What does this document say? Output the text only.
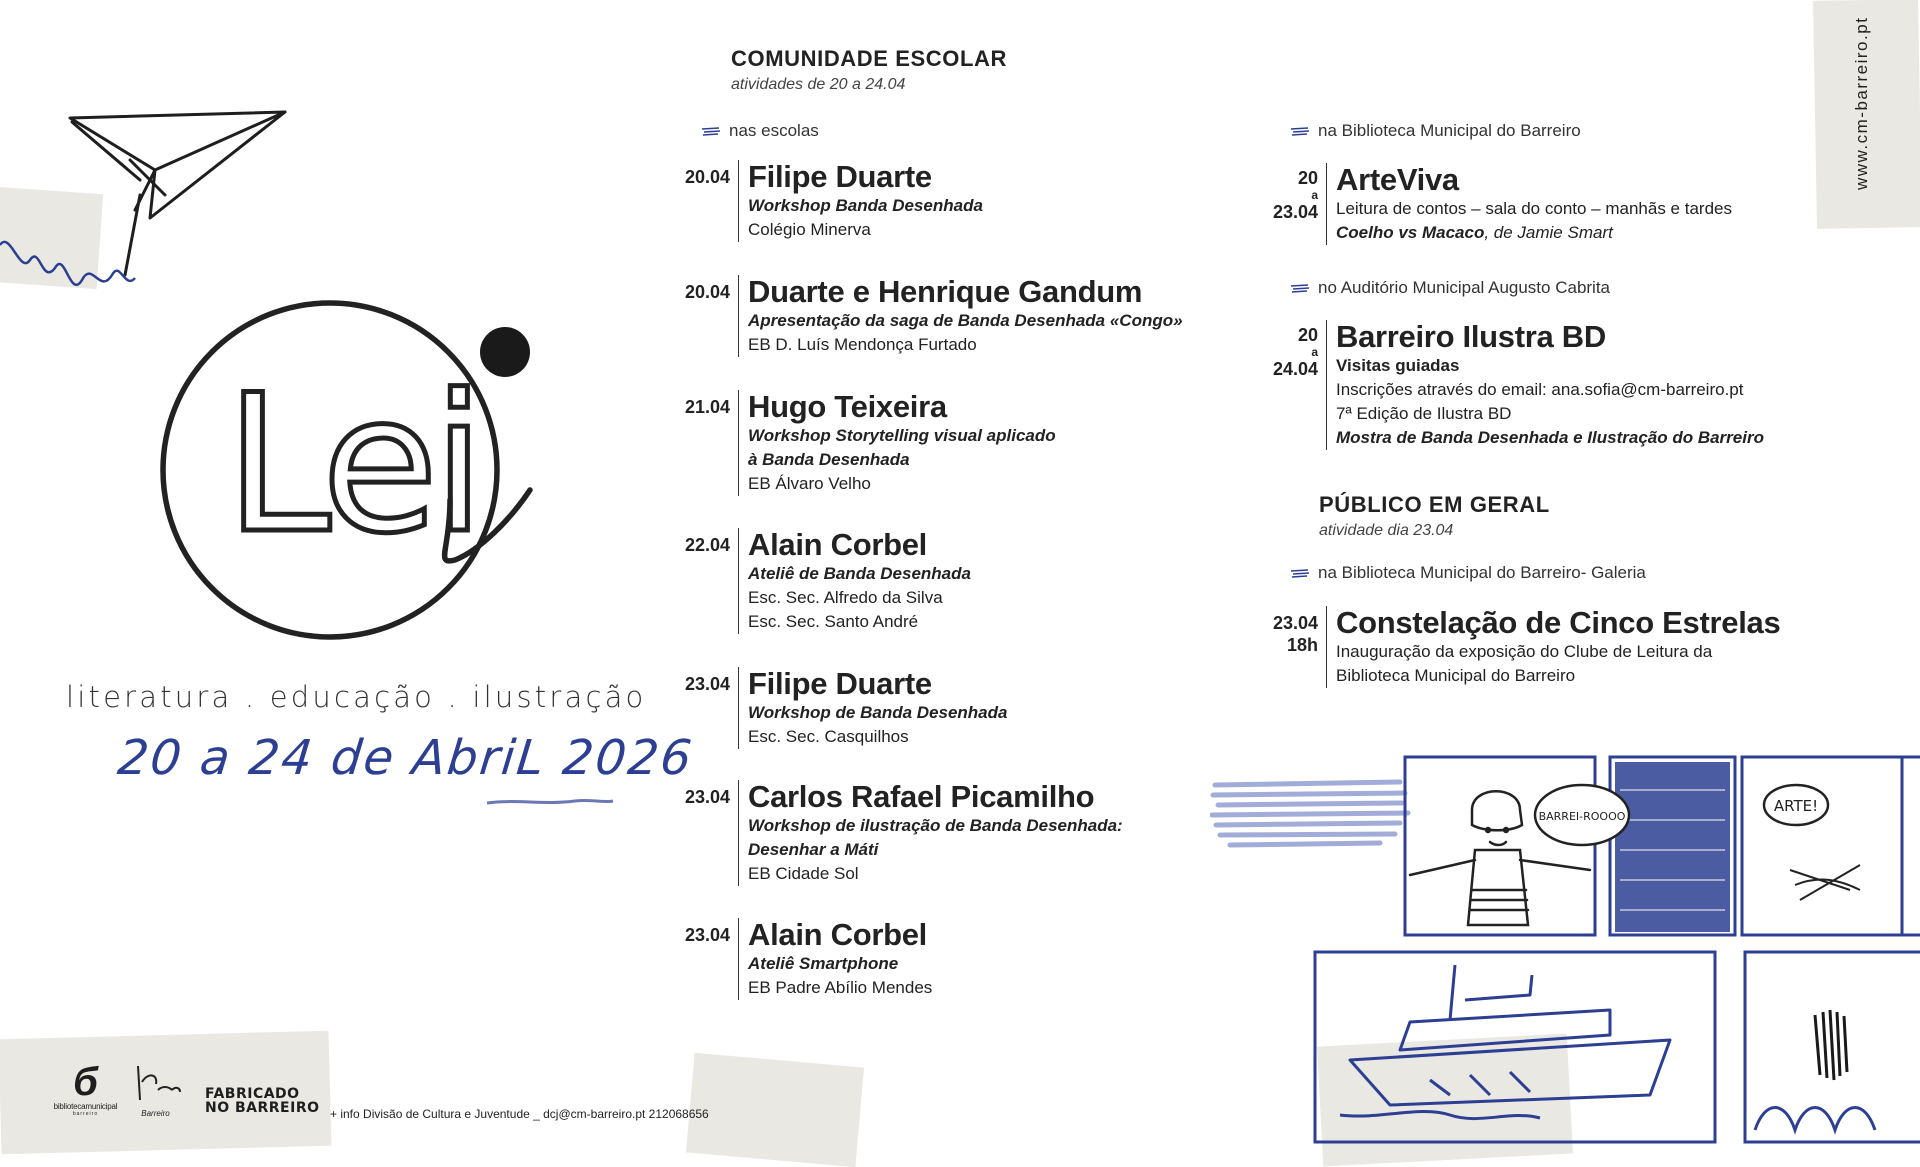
Lei
literatura . educação . ilustração
20 a 24 de AbriL 2026
www.cm-barreiro.pt
COMUNIDADE ESCOLAR
atividades de 20 a 24.04
nas escolas
20.04 Filipe Duarte
Workshop Banda Desenhada
Colégio Minerva
20.04 Duarte e Henrique Gandum
Apresentação da saga de Banda Desenhada «Congo»
EB D. Luís Mendonça Furtado
21.04 Hugo Teixeira
Workshop Storytelling visual aplicado
à Banda Desenhada
EB Álvaro Velho
22.04 Alain Corbel
Ateliê de Banda Desenhada
Esc. Sec. Alfredo da Silva
Esc. Sec. Santo André
23.04 Filipe Duarte
Workshop de Banda Desenhada
Esc. Sec. Casquilhos
23.04 Carlos Rafael Picamilho
Workshop de ilustração de Banda Desenhada:
Desenhar a Máti
EB Cidade Sol
23.04 Alain Corbel
Ateliê Smartphone
EB Padre Abílio Mendes
na Biblioteca Municipal do Barreiro
20
a
23.04
ArteViva
Leitura de contos – sala do conto – manhãs e tardes
Coelho vs Macaco, de Jamie Smart
no Auditório Municipal Augusto Cabrita
20
a
24.04
Barreiro Ilustra BD
Visitas guiadas
Inscrições através do email: ana.sofia@cm-barreiro.pt
7ª Edição de Ilustra BD
Mostra de Banda Desenhada e Ilustração do Barreiro
PÚBLICO EM GERAL
atividade dia 23.04
na Biblioteca Municipal do Barreiro- Galeria
23.04
18h
Constelação de Cinco Estrelas
Inauguração da exposição do Clube de Leitura da
Biblioteca Municipal do Barreiro
BARREI-ROOOO
ARTE!
б
bibliotecamunicipal
barreiro	Barreiro
FABRICADO
NO BARREIRO + info Divisão de Cultura e Juventude _ dcj@cm-barreiro.pt 212068656
